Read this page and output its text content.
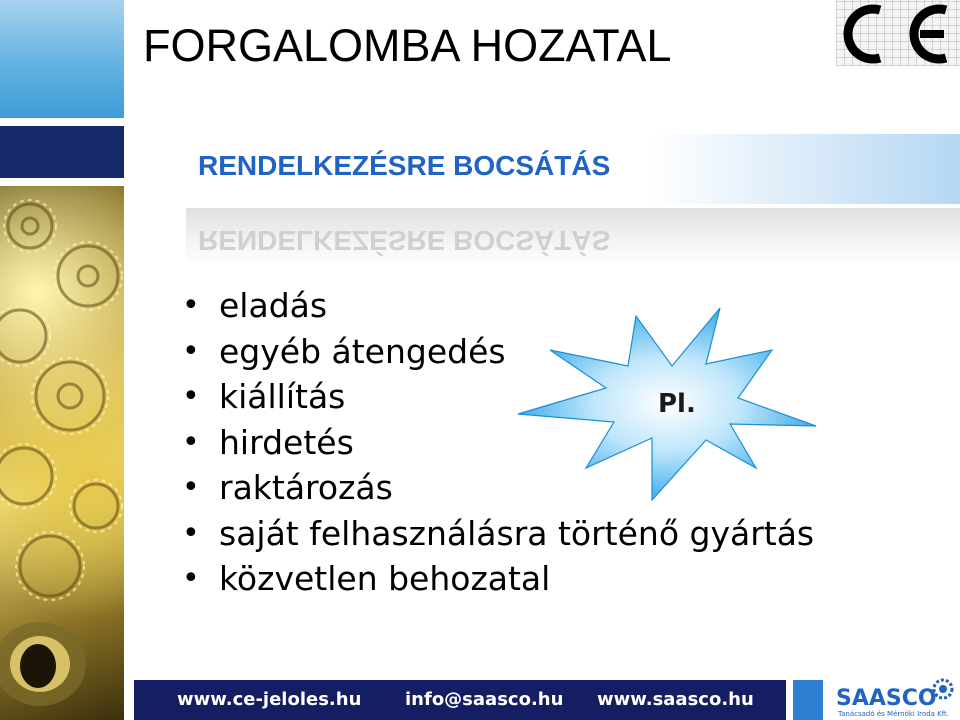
FORGALOMBA HOZATAL
RENDELKEZÉSRE BOCSÁTÁS

RENDELKEZÉSRE BOCSÁTÁS

• eladás
• egyéb átengedés
• kiállítás
• hirdetés
• raktározás
• saját felhasználásra történő gyártás
• közvetlen behozatal
Pl.

www.ce-jeloles.hu info@saasco.hu www.saasco.hu	SAASCO

Tanácsadó és Mérnöki Iroda Kft.
